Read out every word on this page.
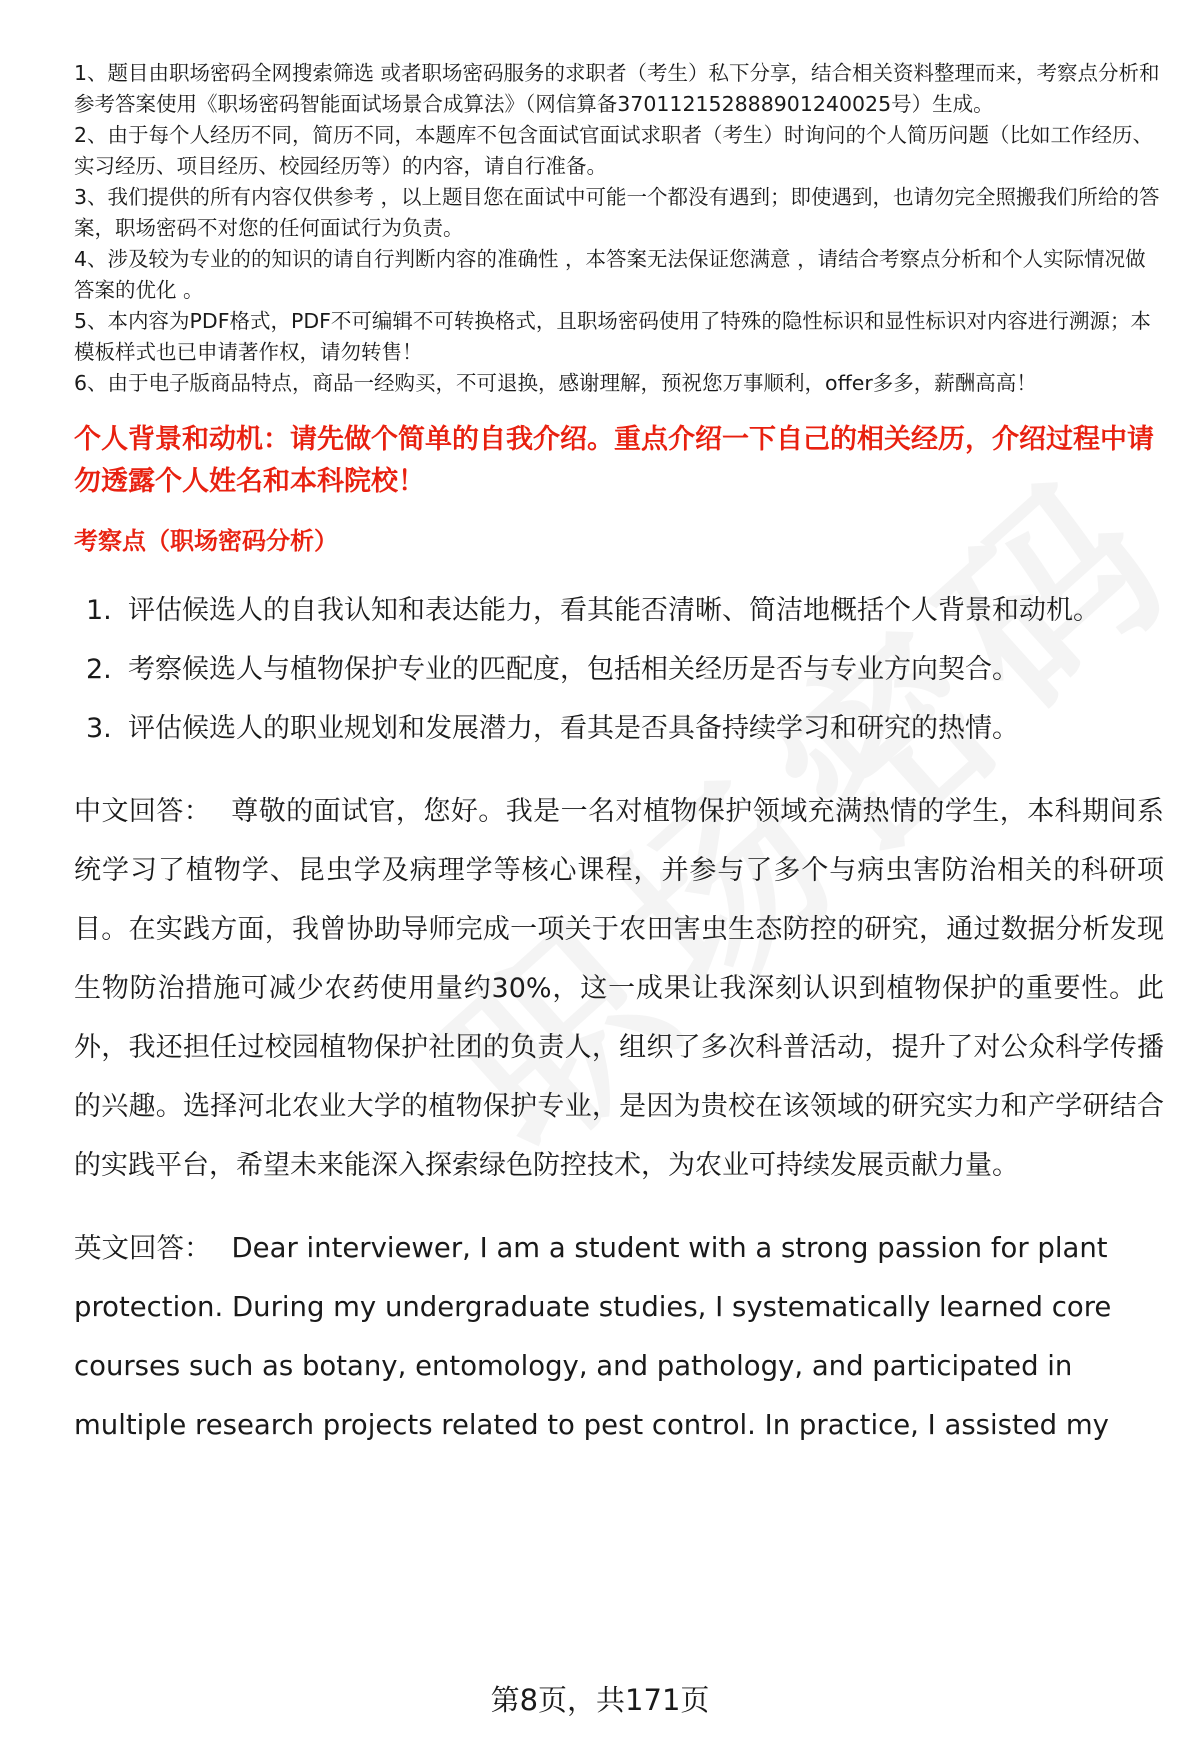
1、题目由职场密码全网搜索筛选 或者职场密码服务的求职者（考生）私下分享，结合相关资料整理而来，考察点分析和参考答案使用《职场密码智能面试场景合成算法》（网信算备370112152888901240025号）生成。
2、由于每个人经历不同，简历不同，本题库不包含面试官面试求职者（考生）时询问的个人简历问题（比如工作经历、实习经历、项目经历、校园经历等）的内容，请自行准备。
3、我们提供的所有内容仅供参考 ，以上题目您在面试中可能一个都没有遇到；即使遇到，也请勿完全照搬我们所给的答案，职场密码不对您的任何面试行为负责。
4、涉及较为专业的的知识的请自行判断内容的准确性 ，本答案无法保证您满意 ，请结合考察点分析和个人实际情况做答案的优化 。
5、本内容为PDF格式，PDF不可编辑不可转换格式，且职场密码使用了特殊的隐性标识和显性标识对内容进行溯源；本模板样式也已申请著作权，请勿转售！
6、由于电子版商品特点，商品一经购买，不可退换，感谢理解，预祝您万事顺利，offer多多，薪酬高高！
个人背景和动机：请先做个简单的自我介绍。重点介绍一下自己的相关经历，介绍过程中请勿透露个人姓名和本科院校！
考察点（职场密码分析）
1. 评估候选人的自我认知和表达能力，看其能否清晰、简洁地概括个人背景和动机。
2. 考察候选人与植物保护专业的匹配度，包括相关经历是否与专业方向契合。
3. 评估候选人的职业规划和发展潜力，看其是否具备持续学习和研究的热情。
中文回答： 尊敬的面试官，您好。我是一名对植物保护领域充满热情的学生，本科期间系统学习了植物学、昆虫学及病理学等核心课程，并参与了多个与病虫害防治相关的科研项目。在实践方面，我曾协助导师完成一项关于农田害虫生态防控的研究，通过数据分析发现生物防治措施可减少农药使用量约30%，这一成果让我深刻认识到植物保护的重要性。此外，我还担任过校园植物保护社团的负责人，组织了多次科普活动，提升了对公众科学传播的兴趣。选择河北农业大学的植物保护专业，是因为贵校在该领域的研究实力和产学研结合的实践平台，希望未来能深入探索绿色防控技术，为农业可持续发展贡献力量。
英文回答： Dear interviewer, I am a student with a strong passion for plant protection. During my undergraduate studies, I systematically learned core courses such as botany, entomology, and pathology, and participated in multiple research projects related to pest control. In practice, I assisted my
第8页，共171页
